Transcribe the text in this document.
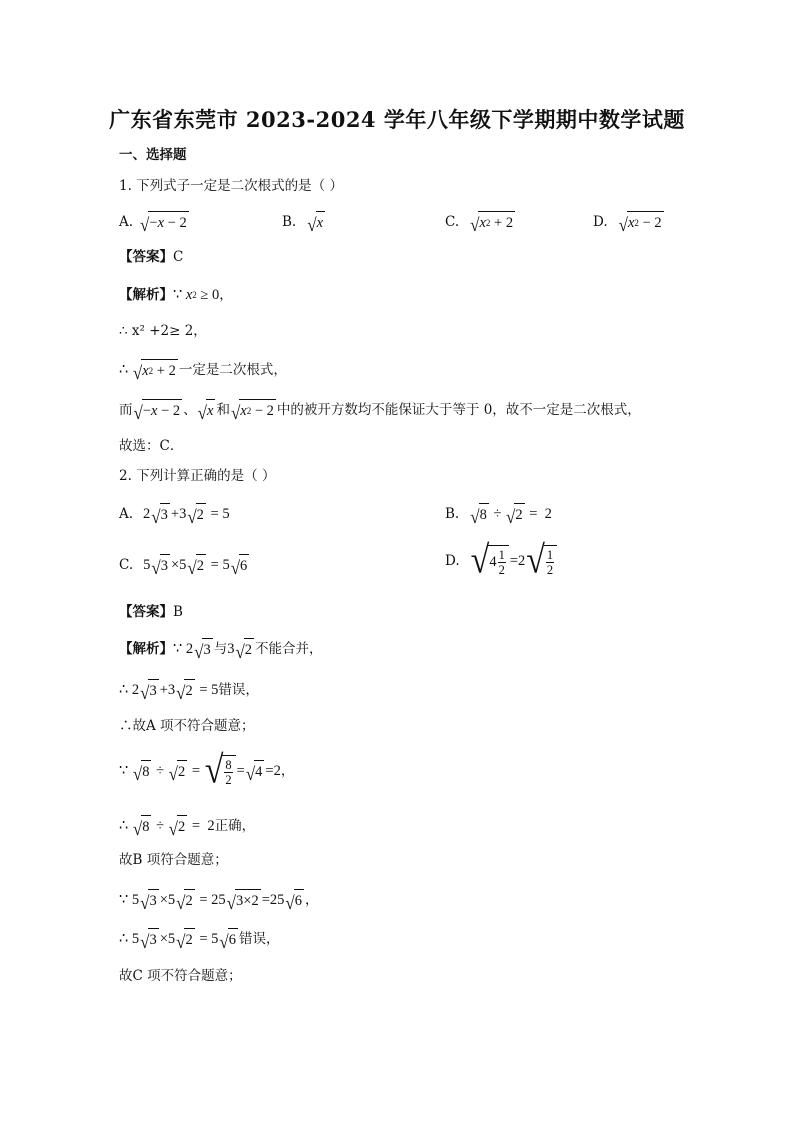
广东省东莞市 2023-2024 学年八年级下学期期中数学试题
一、选择题
1. 下列式子一定是二次根式的是（ ）
A. √ − x − 2	B. √ x	C. √ x 2 + 2	D. √ x 2 − 2
【答案】 C
【解析】 ∵ x 2 ≥ 0 ，
∴ x² +2≥ 2，
∴ √ x 2 + 2 一定是二次根式，
而 √ − x − 2 、 √ x 和 √ x 2 − 2 中的被开方数均不能保证大于等于 0，故不一定是二次根式，
故选：C．
2. 下列计算正确的是（ ）
A. 2 √ 3 +3 √ 2 = 5	B. √ 8 ÷ √ 2 =  2
C. 5 √ 3 ×5 √ 2 = 5 √ 6	D. √ $4 \frac{1}{2} =2$ √ $\frac{1}{2}$
【答案】 B
【解析】 ∵ 2 √ 3 与 3 √ 2 不能合并，
∴ 2 √ 3 +3 √ 2 = 5 错误，
∴故A 项不符合题意；
∵ √ 8 ÷ √ 2 = √ $\frac{8}{2}$ = √ 4 =2 ，
∴ √ 8 ÷ √ 2 =  2 正确，
故B 项符合题意；
∵ 5 √ 3 ×5 √ 2 = 25 √ 3×2 =25 √ 6 ，
∴ 5 √ 3 ×5 √ 2 = 5 √ 6 错误，
故C 项不符合题意；
